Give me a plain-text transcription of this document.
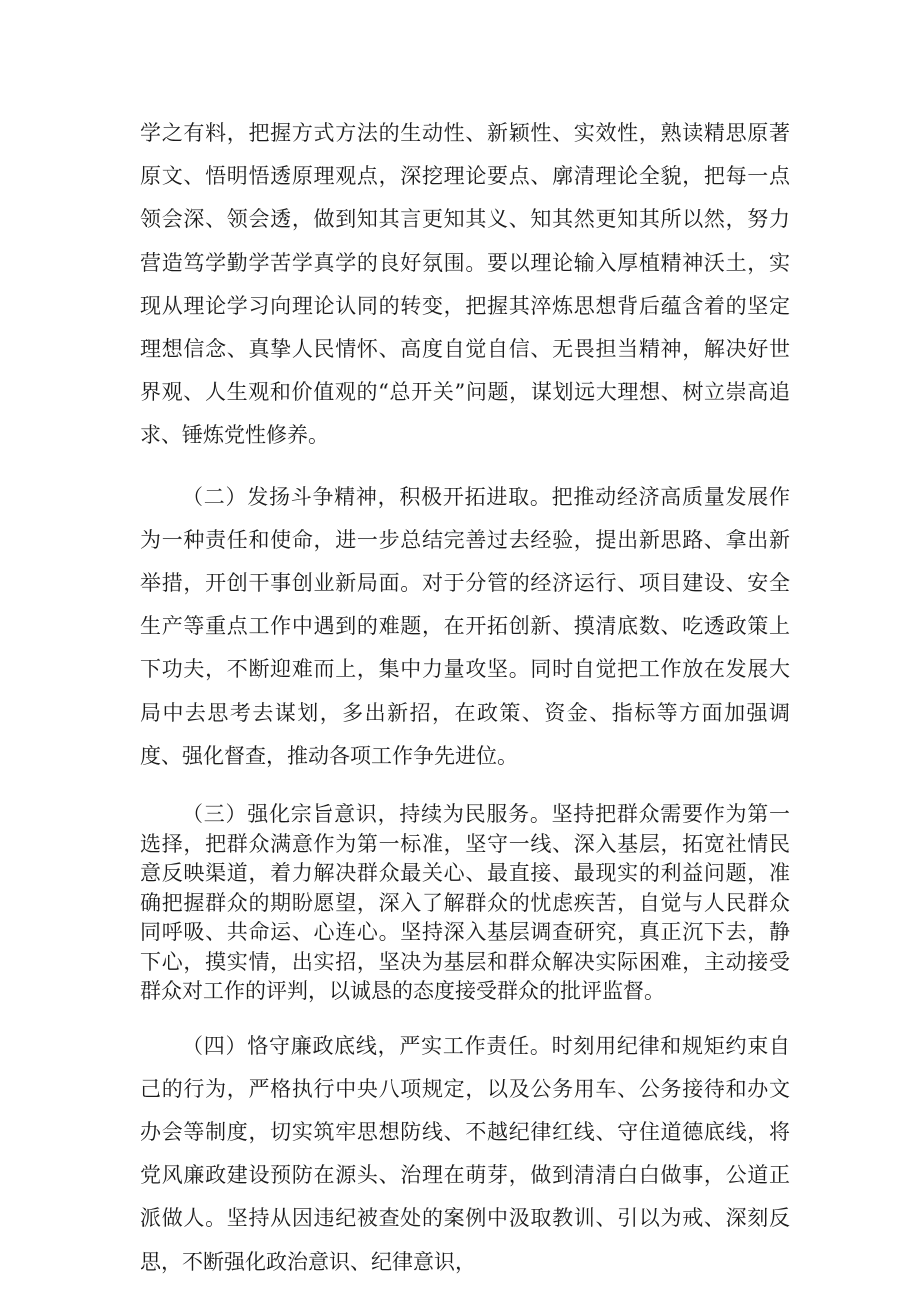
学之有料，把握方式方法的生动性、新颖性、实效性，熟读精思原著原文、悟明悟透原理观点，深挖理论要点、廓清理论全貌，把每一点领会深、领会透，做到知其言更知其义、知其然更知其所以然，努力营造笃学勤学苦学真学的良好氛围。要以理论输入厚植精神沃土，实现从理论学习向理论认同的转变，把握其淬炼思想背后蕴含着的坚定理想信念、真挚人民情怀、高度自觉自信、无畏担当精神，解决好世界观、人生观和价值观的“总开关”问题，谋划远大理想、树立崇高追求、锤炼党性修养。

（二）发扬斗争精神，积极开拓进取。把推动经济高质量发展作为一种责任和使命，进一步总结完善过去经验，提出新思路、拿出新举措，开创干事创业新局面。对于分管的经济运行、项目建设、安全生产等重点工作中遇到的难题，在开拓创新、摸清底数、吃透政策上下功夫，不断迎难而上，集中力量攻坚。同时自觉把工作放在发展大局中去思考去谋划，多出新招，在政策、资金、指标等方面加强调度、强化督查，推动各项工作争先进位。

（三）强化宗旨意识，持续为民服务。坚持把群众需要作为第一选择，把群众满意作为第一标准，坚守一线、深入基层，拓宽社情民意反映渠道，着力解决群众最关心、最直接、最现实的利益问题，准确把握群众的期盼愿望，深入了解群众的忧虑疾苦，自觉与人民群众同呼吸、共命运、心连心。坚持深入基层调查研究，真正沉下去，静下心，摸实情，出实招，坚决为基层和群众解决实际困难，主动接受群众对工作的评判，以诚恳的态度接受群众的批评监督。

（四）恪守廉政底线，严实工作责任。时刻用纪律和规矩约束自己的行为，严格执行中央八项规定，以及公务用车、公务接待和办文办会等制度，切实筑牢思想防线、不越纪律红线、守住道德底线，将党风廉政建设预防在源头、治理在萌芽，做到清清白白做事，公道正派做人。坚持从因违纪被查处的案例中汲取教训、引以为戒、深刻反思，不断强化政治意识、纪律意识，
